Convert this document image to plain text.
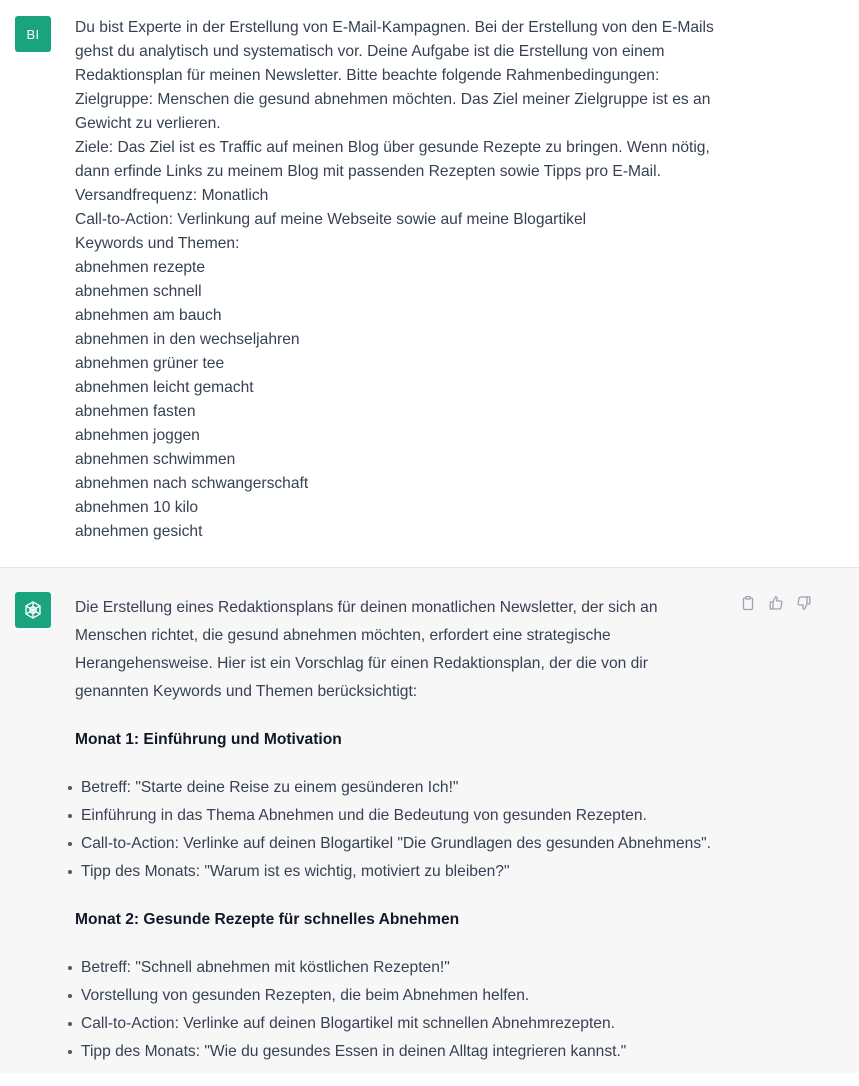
BI	Du bist Experte in der Erstellung von E-Mail-Kampagnen. Bei der Erstellung von den E-Mails
gehst du analytisch und systematisch vor. Deine Aufgabe ist die Erstellung von einem
Redaktionsplan für meinen Newsletter. Bitte beachte folgende Rahmenbedingungen:
Zielgruppe: Menschen die gesund abnehmen möchten. Das Ziel meiner Zielgruppe ist es an
Gewicht zu verlieren.
Ziele: Das Ziel ist es Traffic auf meinen Blog über gesunde Rezepte zu bringen. Wenn nötig,
dann erfinde Links zu meinem Blog mit passenden Rezepten sowie Tipps pro E-Mail.
Versandfrequenz: Monatlich
Call-to-Action: Verlinkung auf meine Webseite sowie auf meine Blogartikel
Keywords und Themen:
abnehmen rezepte
abnehmen schnell
abnehmen am bauch
abnehmen in den wechseljahren
abnehmen grüner tee
abnehmen leicht gemacht
abnehmen fasten
abnehmen joggen
abnehmen schwimmen
abnehmen nach schwangerschaft
abnehmen 10 kilo
abnehmen gesicht

Die Erstellung eines Redaktionsplans für deinen monatlichen Newsletter, der sich an
Menschen richtet, die gesund abnehmen möchten, erfordert eine strategische
Herangehensweise. Hier ist ein Vorschlag für einen Redaktionsplan, der die von dir
genannten Keywords und Themen berücksichtigt:

Monat 1: Einführung und Motivation
Betreff: "Starte deine Reise zu einem gesünderen Ich!"
Einführung in das Thema Abnehmen und die Bedeutung von gesunden Rezepten.
Call-to-Action: Verlinke auf deinen Blogartikel "Die Grundlagen des gesunden Abnehmens".
Tipp des Monats: "Warum ist es wichtig, motiviert zu bleiben?"
Monat 2: Gesunde Rezepte für schnelles Abnehmen
Betreff: "Schnell abnehmen mit köstlichen Rezepten!"
Vorstellung von gesunden Rezepten, die beim Abnehmen helfen.
Call-to-Action: Verlinke auf deinen Blogartikel mit schnellen Abnehmrezepten.
Tipp des Monats: "Wie du gesundes Essen in deinen Alltag integrieren kannst."
